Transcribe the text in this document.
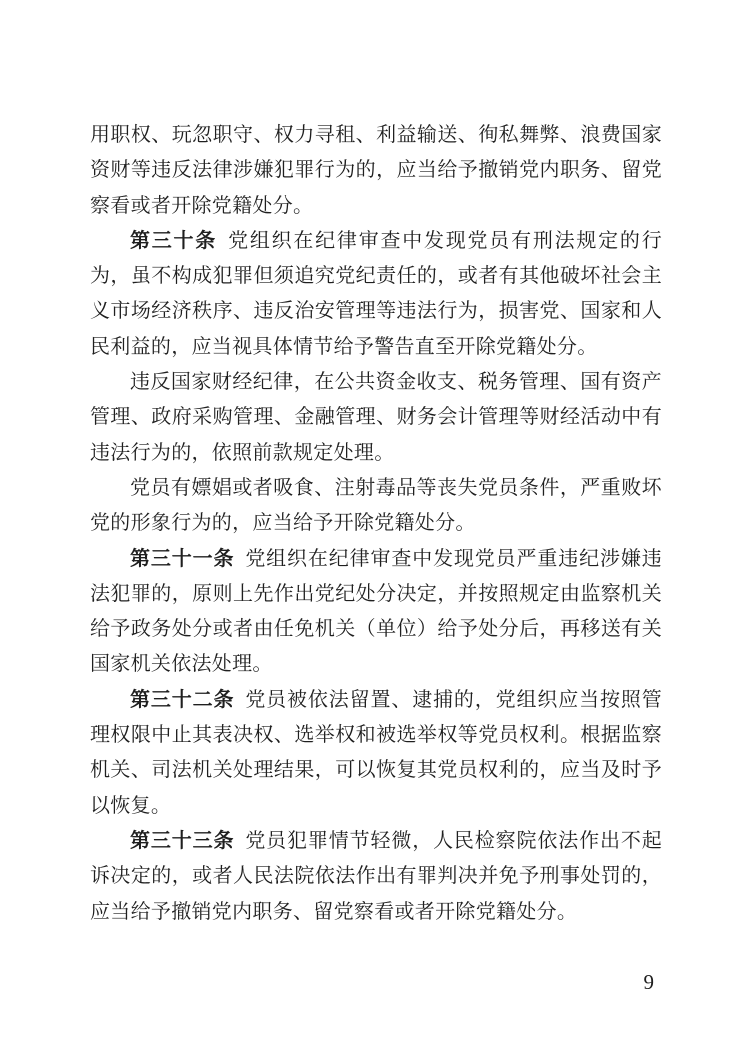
用职权、玩忽职守、权力寻租、利益输送、徇私舞弊、浪费国家资财等违反法律涉嫌犯罪行为的，应当给予撤销党内职务、留党察看或者开除党籍处分。

第三十条 党组织在纪律审查中发现党员有刑法规定的行为，虽不构成犯罪但须追究党纪责任的，或者有其他破坏社会主义市场经济秩序、违反治安管理等违法行为，损害党、国家和人民利益的，应当视具体情节给予警告直至开除党籍处分。

违反国家财经纪律，在公共资金收支、税务管理、国有资产管理、政府采购管理、金融管理、财务会计管理等财经活动中有违法行为的，依照前款规定处理。

党员有嫖娼或者吸食、注射毒品等丧失党员条件，严重败坏党的形象行为的，应当给予开除党籍处分。

第三十一条 党组织在纪律审查中发现党员严重违纪涉嫌违法犯罪的，原则上先作出党纪处分决定，并按照规定由监察机关给予政务处分或者由任免机关（单位）给予处分后，再移送有关国家机关依法处理。

第三十二条 党员被依法留置、逮捕的，党组织应当按照管理权限中止其表决权、选举权和被选举权等党员权利。根据监察机关、司法机关处理结果，可以恢复其党员权利的，应当及时予以恢复。

第三十三条 党员犯罪情节轻微，人民检察院依法作出不起诉决定的，或者人民法院依法作出有罪判决并免予刑事处罚的，应当给予撤销党内职务、留党察看或者开除党籍处分。

9
